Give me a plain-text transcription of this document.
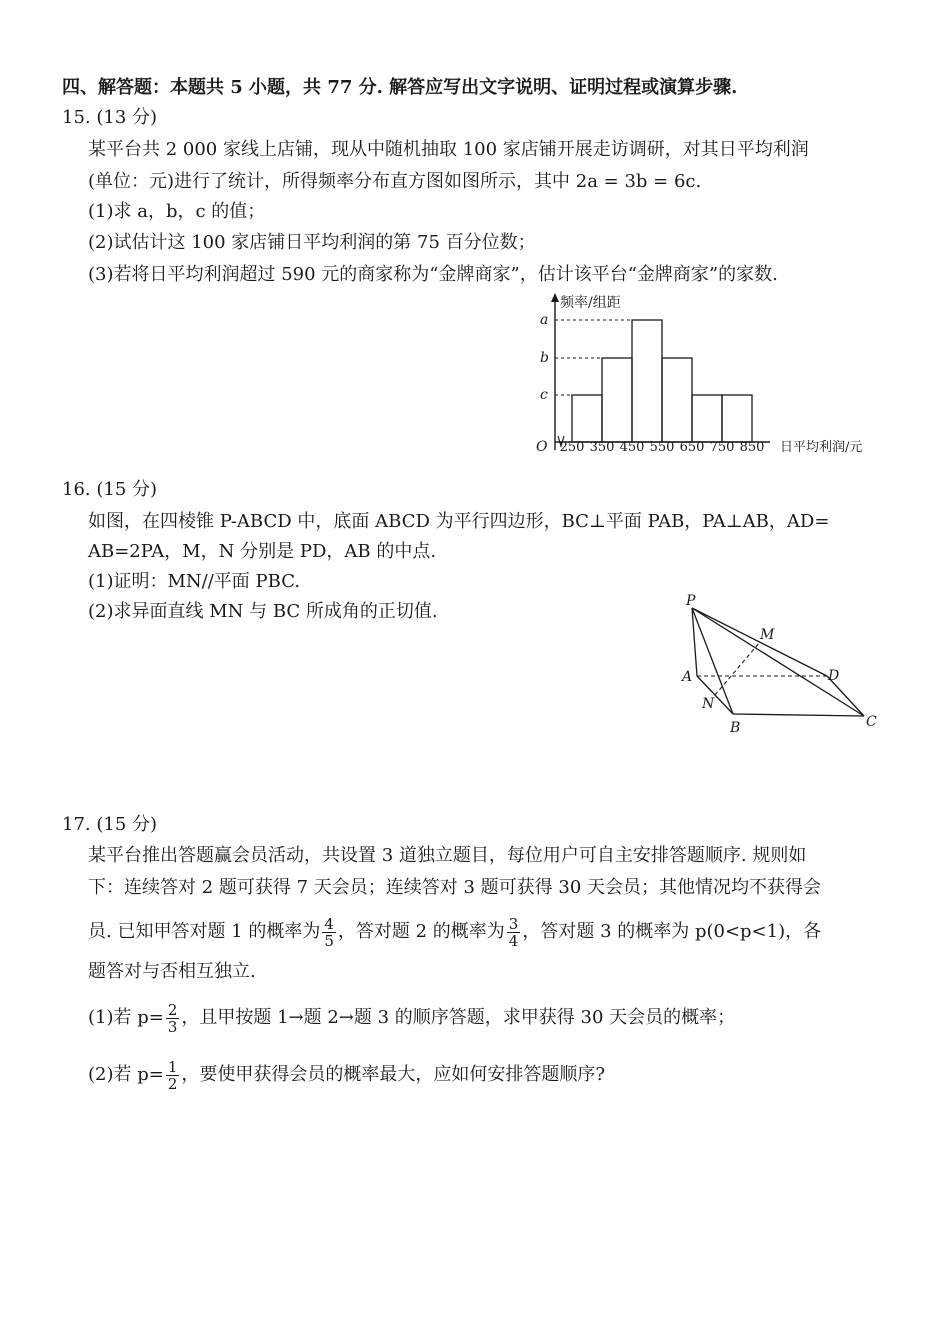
四、解答题：本题共 5 小题，共 77 分. 解答应写出文字说明、证明过程或演算步骤.
15. (13 分)
某平台共 2 000 家线上店铺，现从中随机抽取 100 家店铺开展走访调研，对其日平均利润
(单位：元)进行了统计，所得频率分布直方图如图所示，其中 2a = 3b = 6c.
(1)求 a，b，c 的值；
(2)试估计这 100 家店铺日平均利润的第 75 百分位数；
(3)若将日平均利润超过 590 元的商家称为“金牌商家”，估计该平台“金牌商家”的家数.
频率/组距
O	日平均利润/元
a
b
c
250 350 450 550 650 750 850
16. (15 分)
如图，在四棱锥 P-ABCD 中，底面 ABCD 为平行四边形，BC⊥平面 PAB，PA⊥AB，AD=
AB=2PA，M，N 分别是 PD，AB 的中点.
(1)证明：MN//平面 PBC.
(2)求异面直线 MN 与 BC 所成角的正切值.	P
M
A	D
N
B	C
17. (15 分)
某平台推出答题赢会员活动，共设置 3 道独立题目，每位用户可自主安排答题顺序. 规则如
下：连续答对 2 题可获得 7 天会员；连续答对 3 题可获得 30 天会员；其他情况均不获得会
员. 已知甲答对题 1 的概率为 $\frac{4}{5}$ ，答对题 2 的概率为 $\frac{3}{4}$ ，答对题 3 的概率为 p(0<p<1)，各
题答对与否相互独立.
(1)若 $p= \frac{2}{3}$ ，且甲按题 1→题 2→题 3 的顺序答题，求甲获得 30 天会员的概率；
(2)若 $p= \frac{1}{2}$ ，要使甲获得会员的概率最大，应如何安排答题顺序?
